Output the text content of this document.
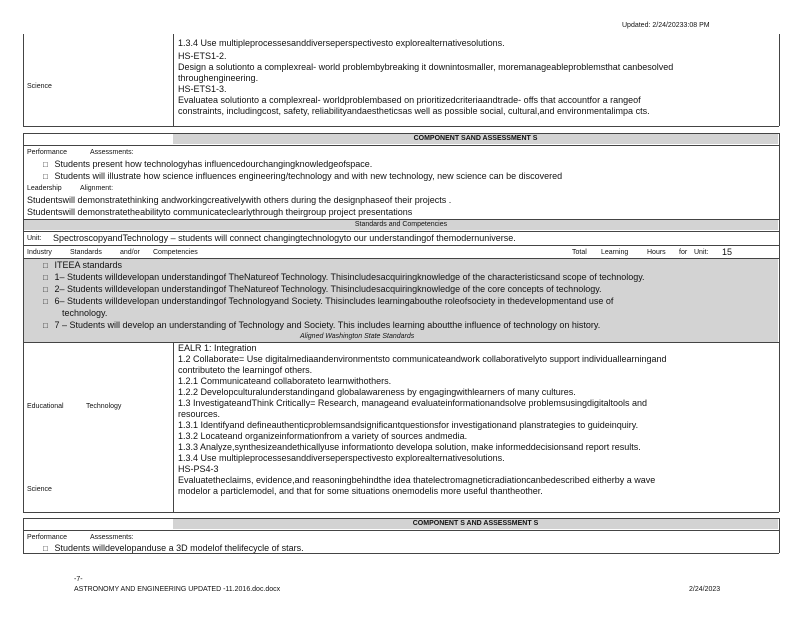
Updated: 2/24/20233:08 PM
Science

1.3.4 Use multipleprocessesanddiverseperspectivesto explorealternativesolutions.

HS-ETS1-2.

Design a solutionto a complexreal- world problembybreaking it downintosmaller, moremanageableproblemsthat canbesolved

throughengineering.

HS-ETS1-3.

Evaluatea solutionto a complexreal- worldproblembased on prioritizedcriteriaandtrade- offs that accountfor a rangeof

constraints, includingcost, safety, reliabilityandaestheticsas well as possible social, cultural,and environmentalimpa cts.

COMPONENT SAND ASSESSMENT S
Performance	Assessments:
□ Students present how technologyhas influencedourchangingknowledgeofspace.
□ Students will illustrate how science influences engineering/technology and with new technology, new science can be discovered
Leadership	Alignment:
Studentswill demonstratethinking andworkingcreativelywith others during the designphaseof their projects .
Studentswill demonstratetheabilityto communicateclearlythrough theirgroup project presentations
Standards and Competencies
Unit: SpectroscopyandTechnology – students will connect changingtechnologyto our understandingof themodernuniverse.
Industry	Standards	and/or Competencies	Total Learning	Hours for Unit: 15
□ ITEEA standards
□ 1– Students willdevelopan understandingof TheNatureof Technology. Thisincludesacquiringknowledge of the characteristicsand scope of technology.
□ 2– Students willdevelopan understandingof TheNatureof Technology. Thisincludesacquiringknowledge of the core concepts of technology.
□ 6– Students willdevelopan understandingof Technologyand Society. Thisincludes learningabouthe roleofsociety in thedevelopmentand use of
technology.
□ 7 – Students will develop an understanding of Technology and Society. This includes learning aboutthe influence of technology on history.
Aligned Washington State Standards
Educational	Technology
Science

EALR 1: Integration

1.2 Collaborate= Use digitalmediaandenvironmentsto communicateandwork collaborativelyto support individuallearningand

contributeto the learningof others.

1.2.1 Communicateand collaborateto learnwithothers.

1.2.2 Developculturalunderstandingand globalawareness by engagingwithlearners of many cultures.

1.3 InvestigateandThink Critically= Research, manageand evaluateinformationandsolve problemsusingdigitaltools and

resources.

1.3.1 Identifyand defineauthenticproblemsandsignificantquestionsfor investigationand planstrategies to guideinquiry.

1.3.2 Locateand organizeinformationfrom a variety of sources andmedia.

1.3.3 Analyze,synthesizeandethicallyuse informationto developa solution, make informeddecisionsand report results.

1.3.4 Use multipleprocessesanddiverseperspectivesto explorealternativesolutions.

HS-PS4-3

Evaluatetheclaims, evidence,and reasoningbehindthe idea thatelectromagneticradiationcanbedescribed eitherby a wave

modelor a particlemodel, and that for some situations onemodelis more useful thantheother.

COMPONENT S AND ASSESSMENT S
Performance	Assessments:
□ Students willdevelopanduse a 3D modelof thelifecycle of stars.
-7-
ASTRONOMY AND ENGINEERING UPDATED -11.2016.doc.docx	2/24/2023
